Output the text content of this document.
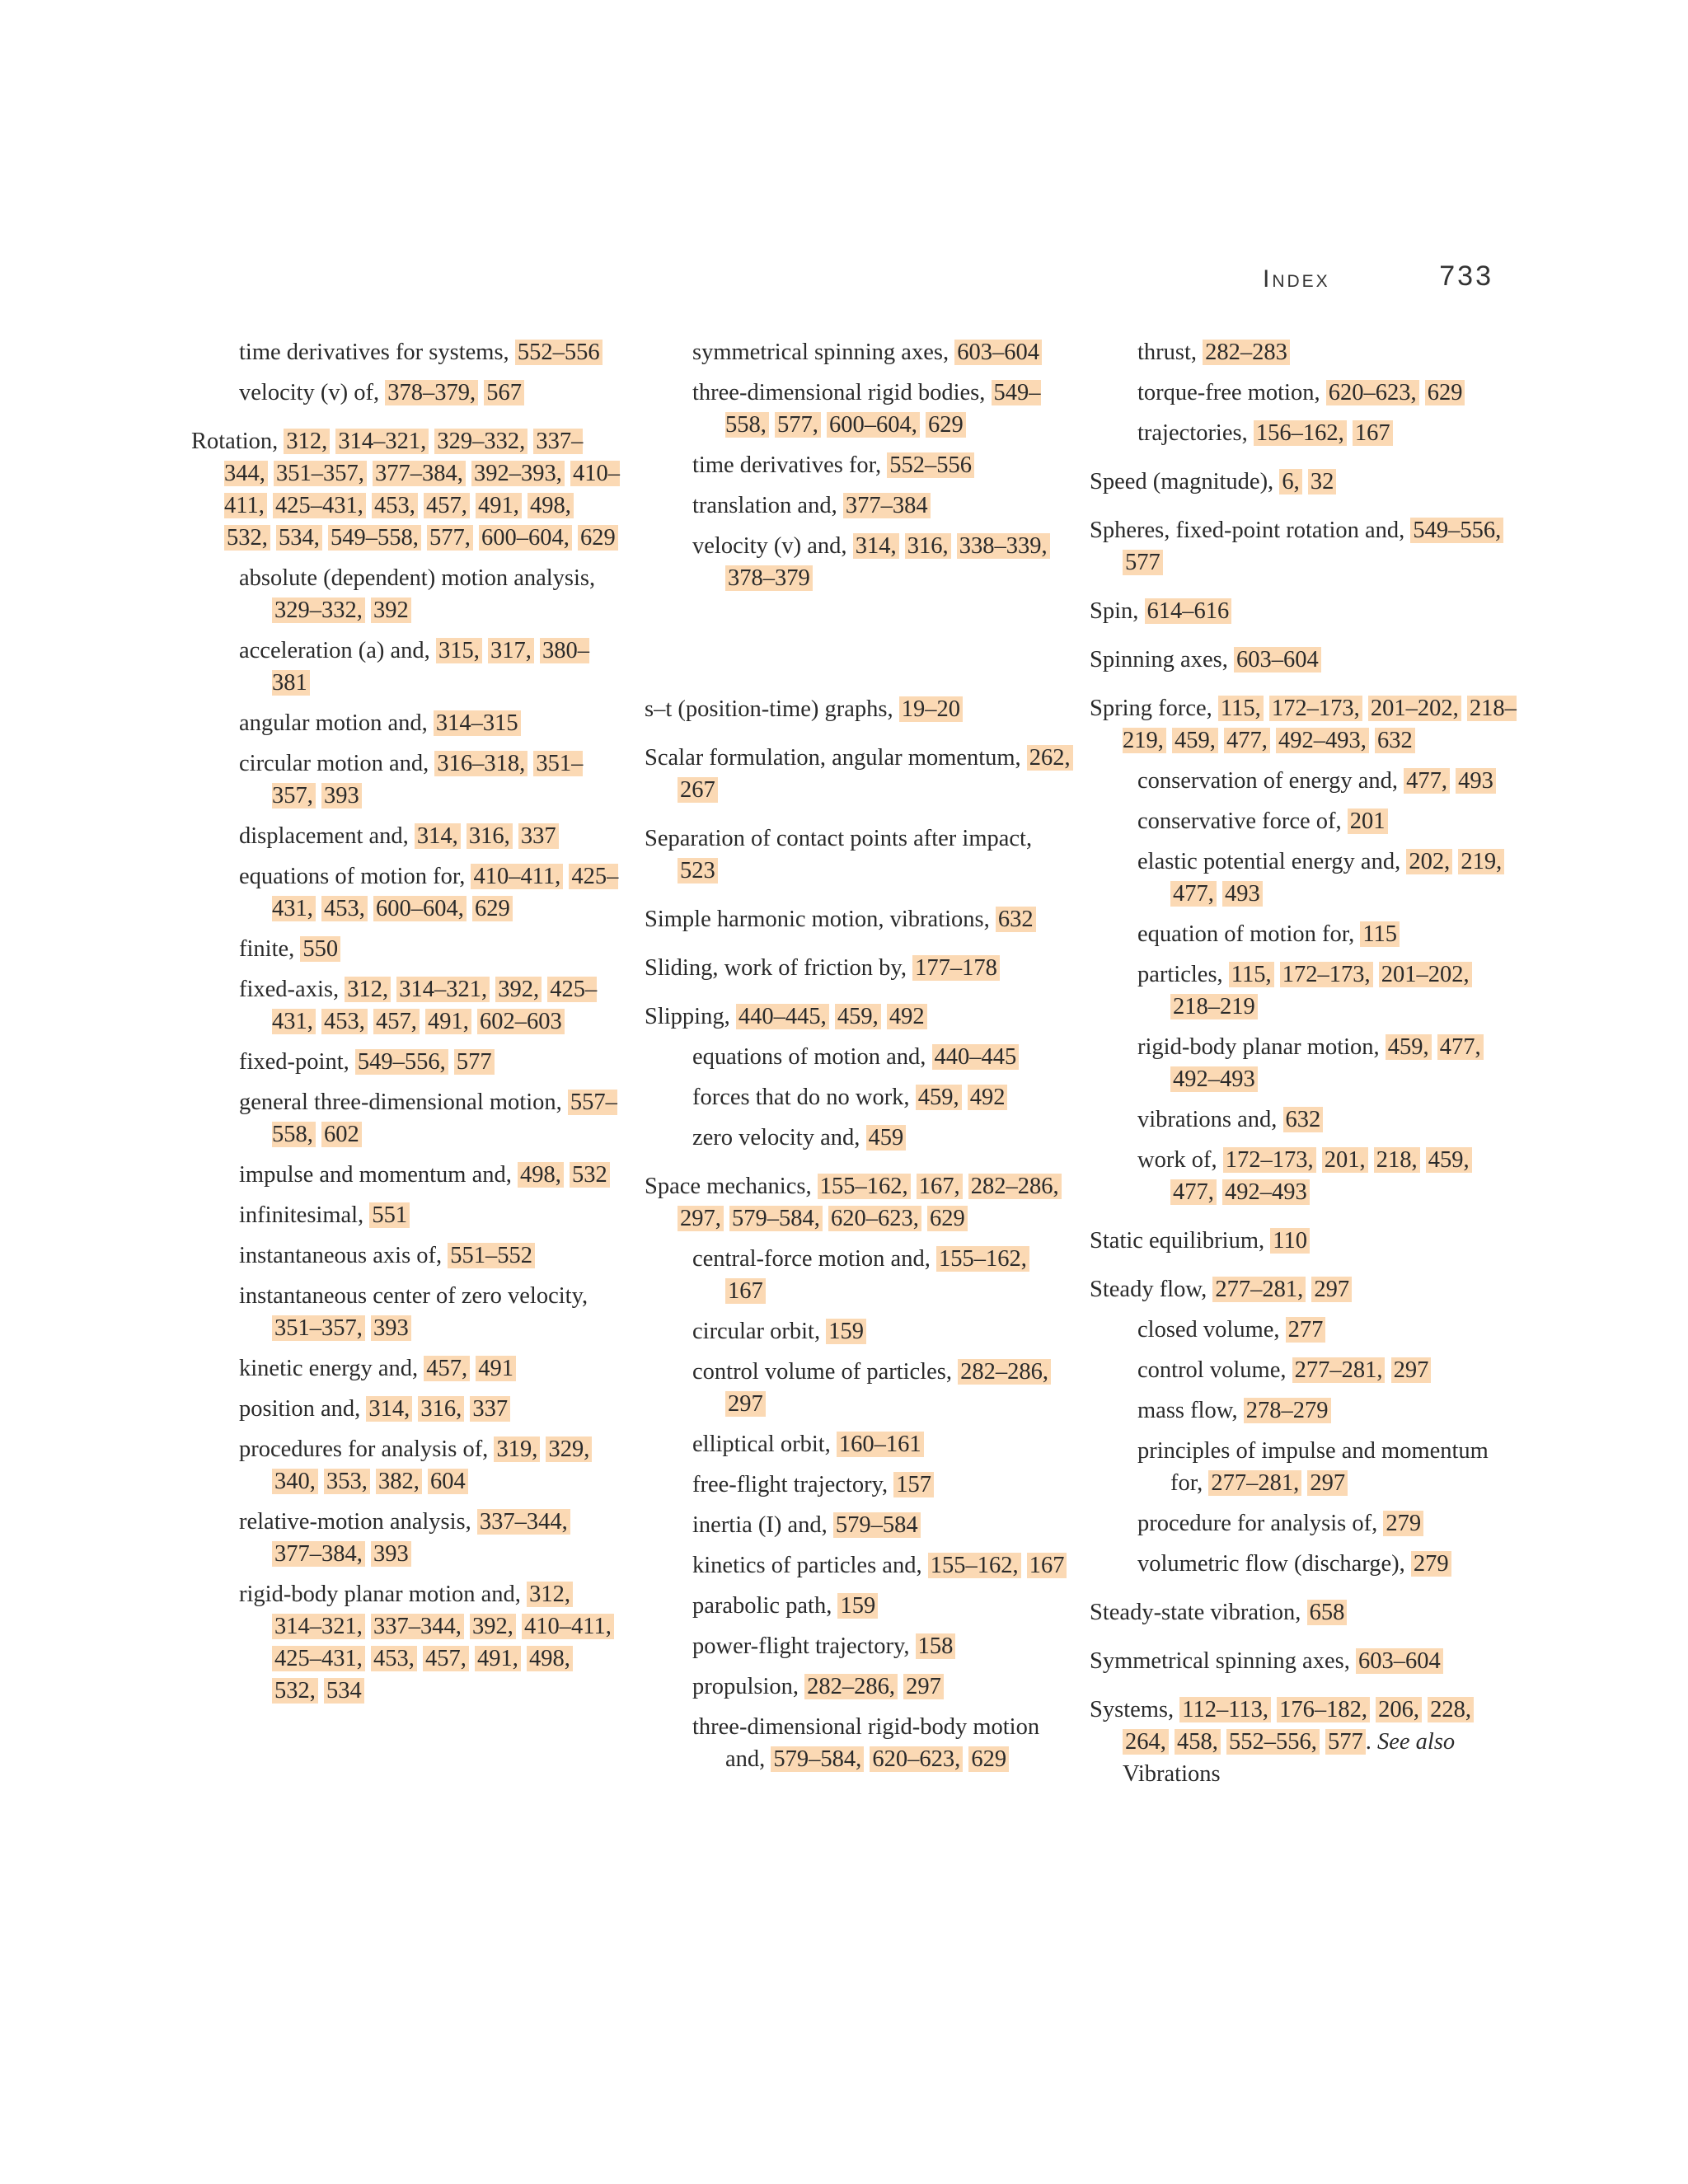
Index	733
time derivatives for systems, 552–556
velocity (v) of, 378–379, 567
Rotation, 312, 314–321, 329–332, 337–344, 351–357, 377–384, 392–393, 410–411, 425–431, 453, 457, 491, 498, 532, 534, 549–558, 577, 600–604, 629
absolute (dependent) motion analysis, 329–332, 392
acceleration (a) and, 315, 317, 380–381
angular motion and, 314–315
circular motion and, 316–318, 351–357, 393
displacement and, 314, 316, 337
equations of motion for, 410–411, 425–431, 453, 600–604, 629
finite, 550
fixed-axis, 312, 314–321, 392, 425–431, 453, 457, 491, 602–603
fixed-point, 549–556, 577
general three-dimensional motion, 557–558, 602
impulse and momentum and, 498, 532
infinitesimal, 551
instantaneous axis of, 551–552
instantaneous center of zero velocity, 351–357, 393
kinetic energy and, 457, 491
position and, 314, 316, 337
procedures for analysis of, 319, 329, 340, 353, 382, 604
relative-motion analysis, 337–344, 377–384, 393
rigid-body planar motion and, 312, 314–321, 337–344, 392, 410–411, 425–431, 453, 457, 491, 498, 532, 534
symmetrical spinning axes, 603–604
three-dimensional rigid bodies, 549–558, 577, 600–604, 629
time derivatives for, 552–556
translation and, 377–384
velocity (v) and, 314, 316, 338–339, 378–379
s–t (position-time) graphs, 19–20
Scalar formulation, angular momentum, 262, 267
Separation of contact points after impact, 523
Simple harmonic motion, vibrations, 632
Sliding, work of friction by, 177–178
Slipping, 440–445, 459, 492
equations of motion and, 440–445
forces that do no work, 459, 492
zero velocity and, 459
Space mechanics, 155–162, 167, 282–286, 297, 579–584, 620–623, 629
central-force motion and, 155–162, 167
circular orbit, 159
control volume of particles, 282–286, 297
elliptical orbit, 160–161
free-flight trajectory, 157
inertia (I) and, 579–584
kinetics of particles and, 155–162, 167
parabolic path, 159
power-flight trajectory, 158
propulsion, 282–286, 297
three-dimensional rigid-body motion and, 579–584, 620–623, 629
thrust, 282–283
torque-free motion, 620–623, 629
trajectories, 156–162, 167
Speed (magnitude), 6, 32
Spheres, fixed-point rotation and, 549–556, 577
Spin, 614–616
Spinning axes, 603–604
Spring force, 115, 172–173, 201–202, 218–219, 459, 477, 492–493, 632
conservation of energy and, 477, 493
conservative force of, 201
elastic potential energy and, 202, 219, 477, 493
equation of motion for, 115
particles, 115, 172–173, 201–202, 218–219
rigid-body planar motion, 459, 477, 492–493
vibrations and, 632
work of, 172–173, 201, 218, 459, 477, 492–493
Static equilibrium, 110
Steady flow, 277–281, 297
closed volume, 277
control volume, 277–281, 297
mass flow, 278–279
principles of impulse and momentum for, 277–281, 297
procedure for analysis of, 279
volumetric flow (discharge), 279
Steady-state vibration, 658
Symmetrical spinning axes, 603–604
Systems, 112–113, 176–182, 206, 228, 264, 458, 552–556, 577 . See also Vibrations
